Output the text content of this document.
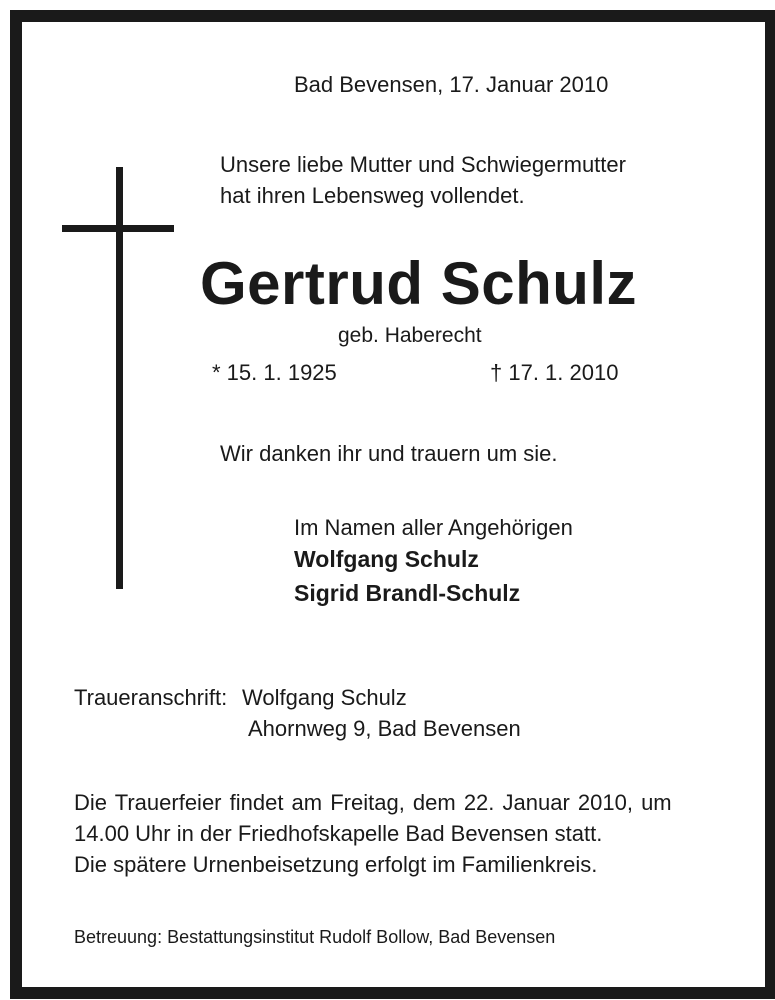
Bad Bevensen, 17. Januar 2010
Unsere liebe Mutter und Schwiegermutter
hat ihren Lebensweg vollendet.
Gertrud Schulz
geb. Haberecht
* 15. 1. 1925	† 17. 1. 2010
Wir danken ihr und trauern um sie.
Im Namen aller Angehörigen
Wolfgang Schulz
Sigrid Brandl-Schulz
Traueranschrift: Wolfgang Schulz
Ahornweg 9, Bad Bevensen
Die Trauerfeier findet am Freitag, dem 22. Januar 2010, um
14.00 Uhr in der Friedhofskapelle Bad Bevensen statt.
Die spätere Urnenbeisetzung erfolgt im Familienkreis.
Betreuung: Bestattungsinstitut Rudolf Bollow, Bad Bevensen
